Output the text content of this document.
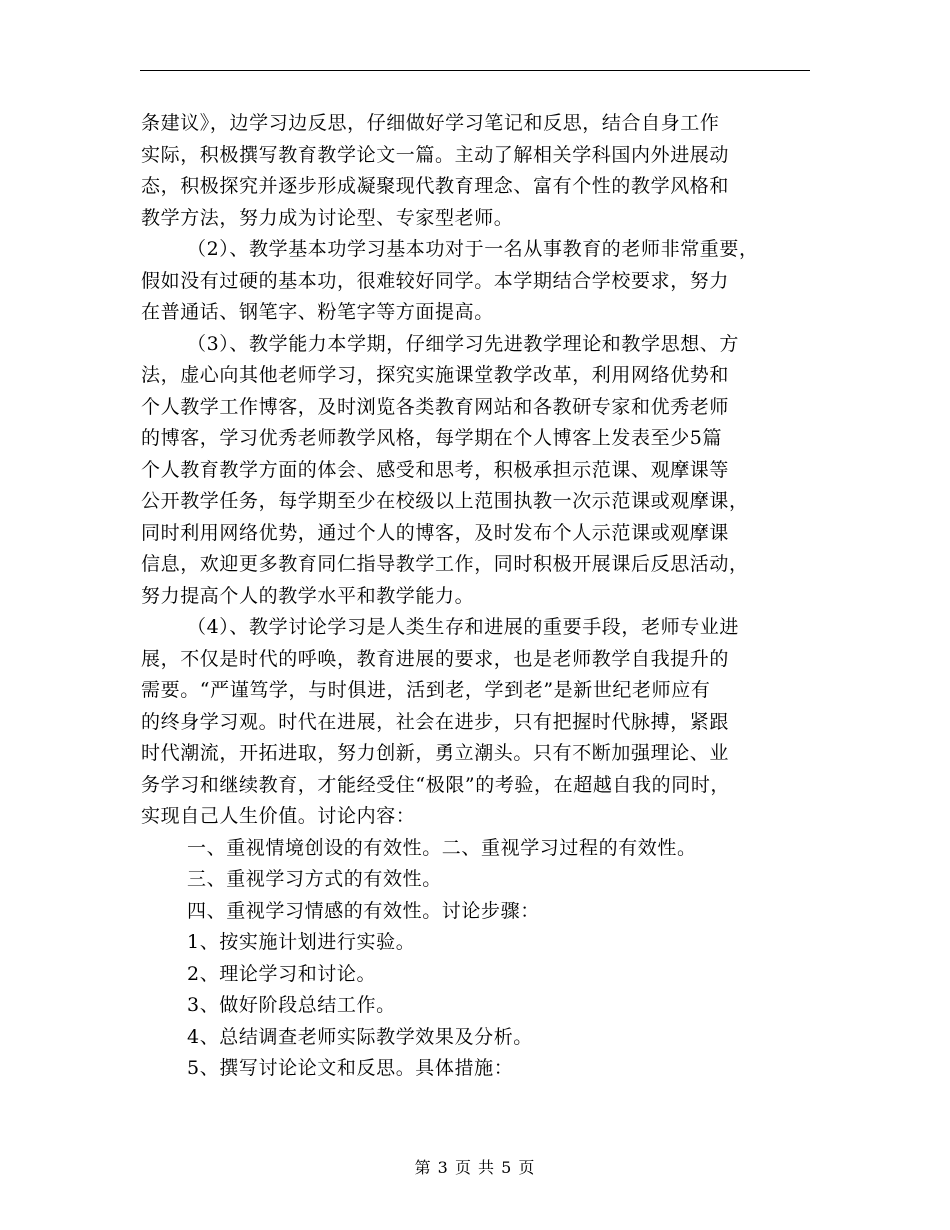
条建议》，边学习边反思，仔细做好学习笔记和反思，结合自身工作
实际，积极撰写教育教学论文一篇。主动了解相关学科国内外进展动
态，积极探究并逐步形成凝聚现代教育理念、富有个性的教学风格和
教学方法，努力成为讨论型、专家型老师。
（2）、教学基本功学习基本功对于一名从事教育的老师非常重要，
假如没有过硬的基本功，很难较好同学。本学期结合学校要求，努力
在普通话、钢笔字、粉笔字等方面提高。
（3）、教学能力本学期，仔细学习先进教学理论和教学思想、方
法，虚心向其他老师学习，探究实施课堂教学改革，利用网络优势和
个人教学工作博客，及时浏览各类教育网站和各教研专家和优秀老师
的博客，学习优秀老师教学风格，每学期在个人博客上发表至少5篇
个人教育教学方面的体会、感受和思考，积极承担示范课、观摩课等
公开教学任务，每学期至少在校级以上范围执教一次示范课或观摩课，
同时利用网络优势，通过个人的博客，及时发布个人示范课或观摩课
信息，欢迎更多教育同仁指导教学工作，同时积极开展课后反思活动，
努力提高个人的教学水平和教学能力。
（4）、教学讨论学习是人类生存和进展的重要手段，老师专业进
展，不仅是时代的呼唤，教育进展的要求，也是老师教学自我提升的
需要。“严谨笃学，与时俱进，活到老，学到老”是新世纪老师应有
的终身学习观。时代在进展，社会在进步，只有把握时代脉搏，紧跟
时代潮流，开拓进取，努力创新，勇立潮头。只有不断加强理论、业
务学习和继续教育，才能经受住“极限”的考验，在超越自我的同时，
实现自己人生价值。讨论内容：
一、重视情境创设的有效性。二、重视学习过程的有效性。
三、重视学习方式的有效性。
四、重视学习情感的有效性。讨论步骤：
1、按实施计划进行实验。
2、理论学习和讨论。
3、做好阶段总结工作。
4、总结调查老师实际教学效果及分析。
5、撰写讨论论文和反思。具体措施：
第 3 页 共 5 页
